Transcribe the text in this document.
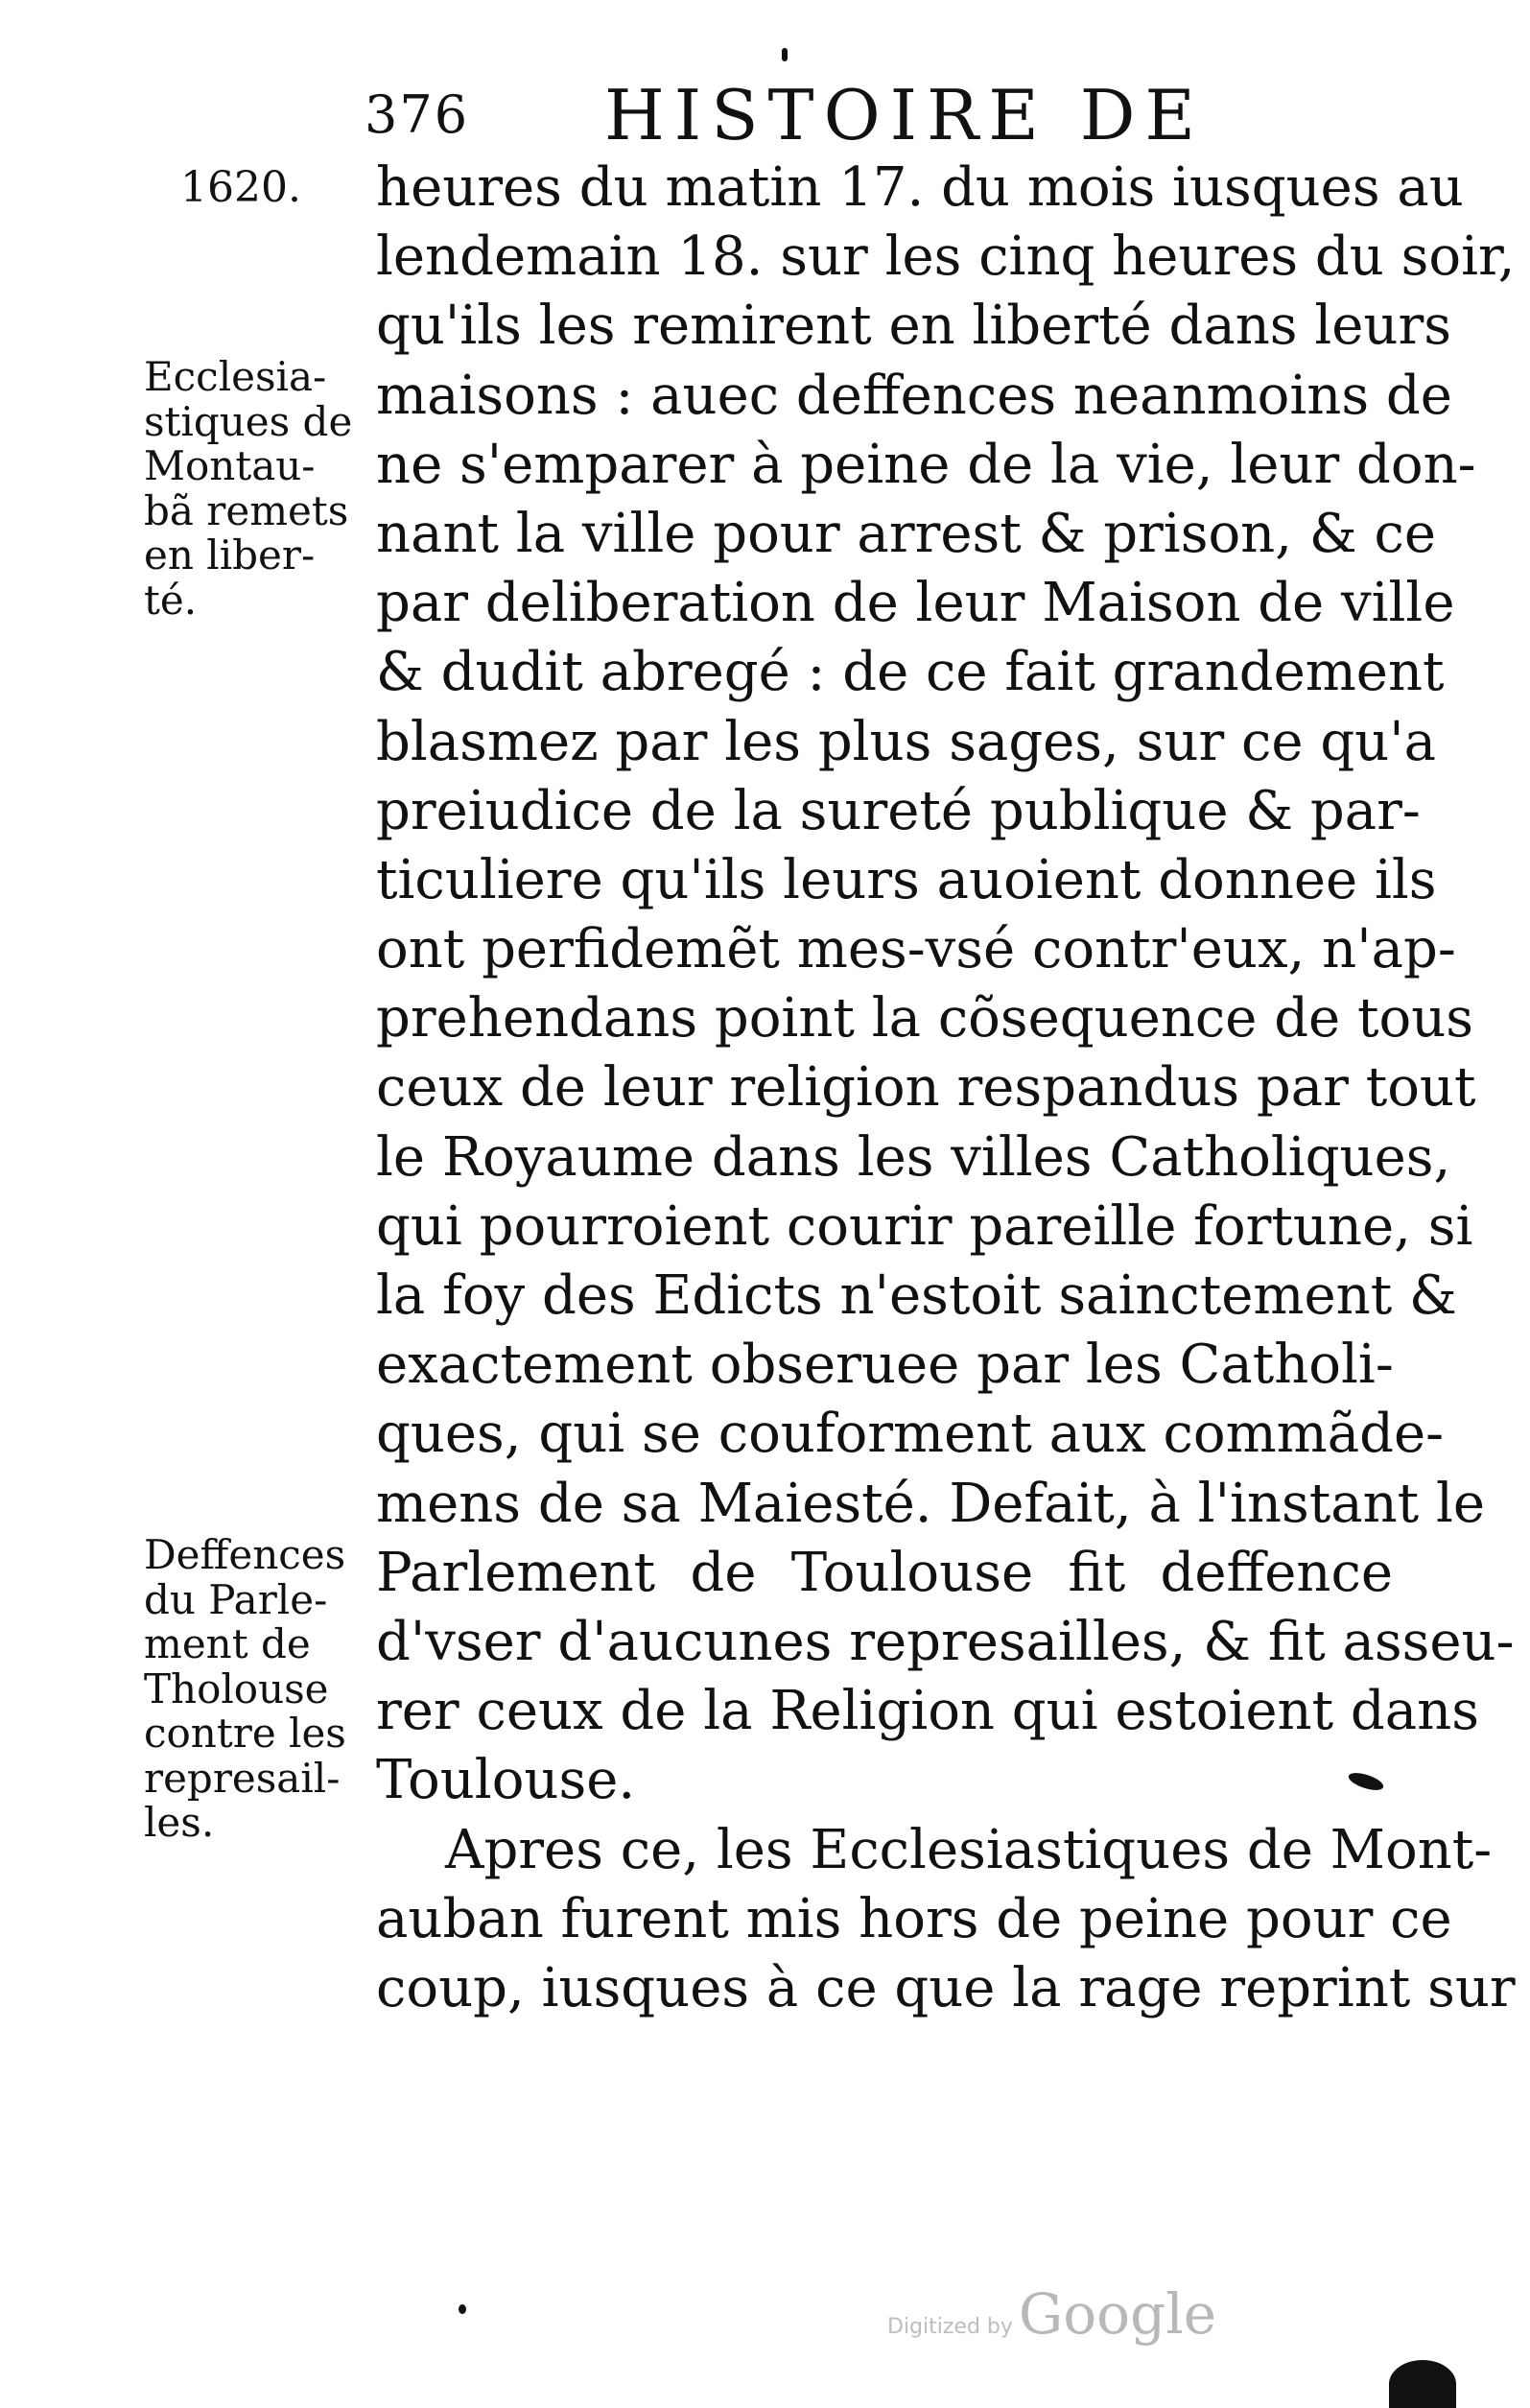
376 HISTOIRE DE
1620.
Ecclesia-
stiques de
Montau-
bã remets
en liber-
té.
Deffences
du Parle-
ment de
Tholouse
contre les
represail-
les.
heures du matin 17. du mois iusques au
lendemain 18. sur les cinq heures du soir,
qu'ils les remirent en liberté dans leurs
maisons : auec deffences neanmoins de
ne s'emparer à peine de la vie, leur don-
nant la ville pour arrest & prison, & ce
par deliberation de leur Maison de ville
& dudit abregé : de ce fait grandement
blasmez par les plus sages, sur ce qu'a
preiudice de la sureté publique & par-
ticuliere qu'ils leurs auoient donnee ils
ont perfidemẽt mes-vsé contr'eux, n'ap-
prehendans point la cõsequence de tous
ceux de leur religion respandus par tout
le Royaume dans les villes Catholiques,
qui pourroient courir pareille fortune, si
la foy des Edicts n'estoit sainctement &
exactement obseruee par les Catholi-
ques, qui se couforment aux commãde-
mens de sa Maiesté. Defait, à l'instant le
Parlement de Toulouse fit deffence
d'vser d'aucunes represailles, & fit asseu-
rer ceux de la Religion qui estoient dans
Toulouse.
Apres ce, les Ecclesiastiques de Mont-
auban furent mis hors de peine pour ce
coup, iusques à ce que la rage reprint sur
Digitized by Google
